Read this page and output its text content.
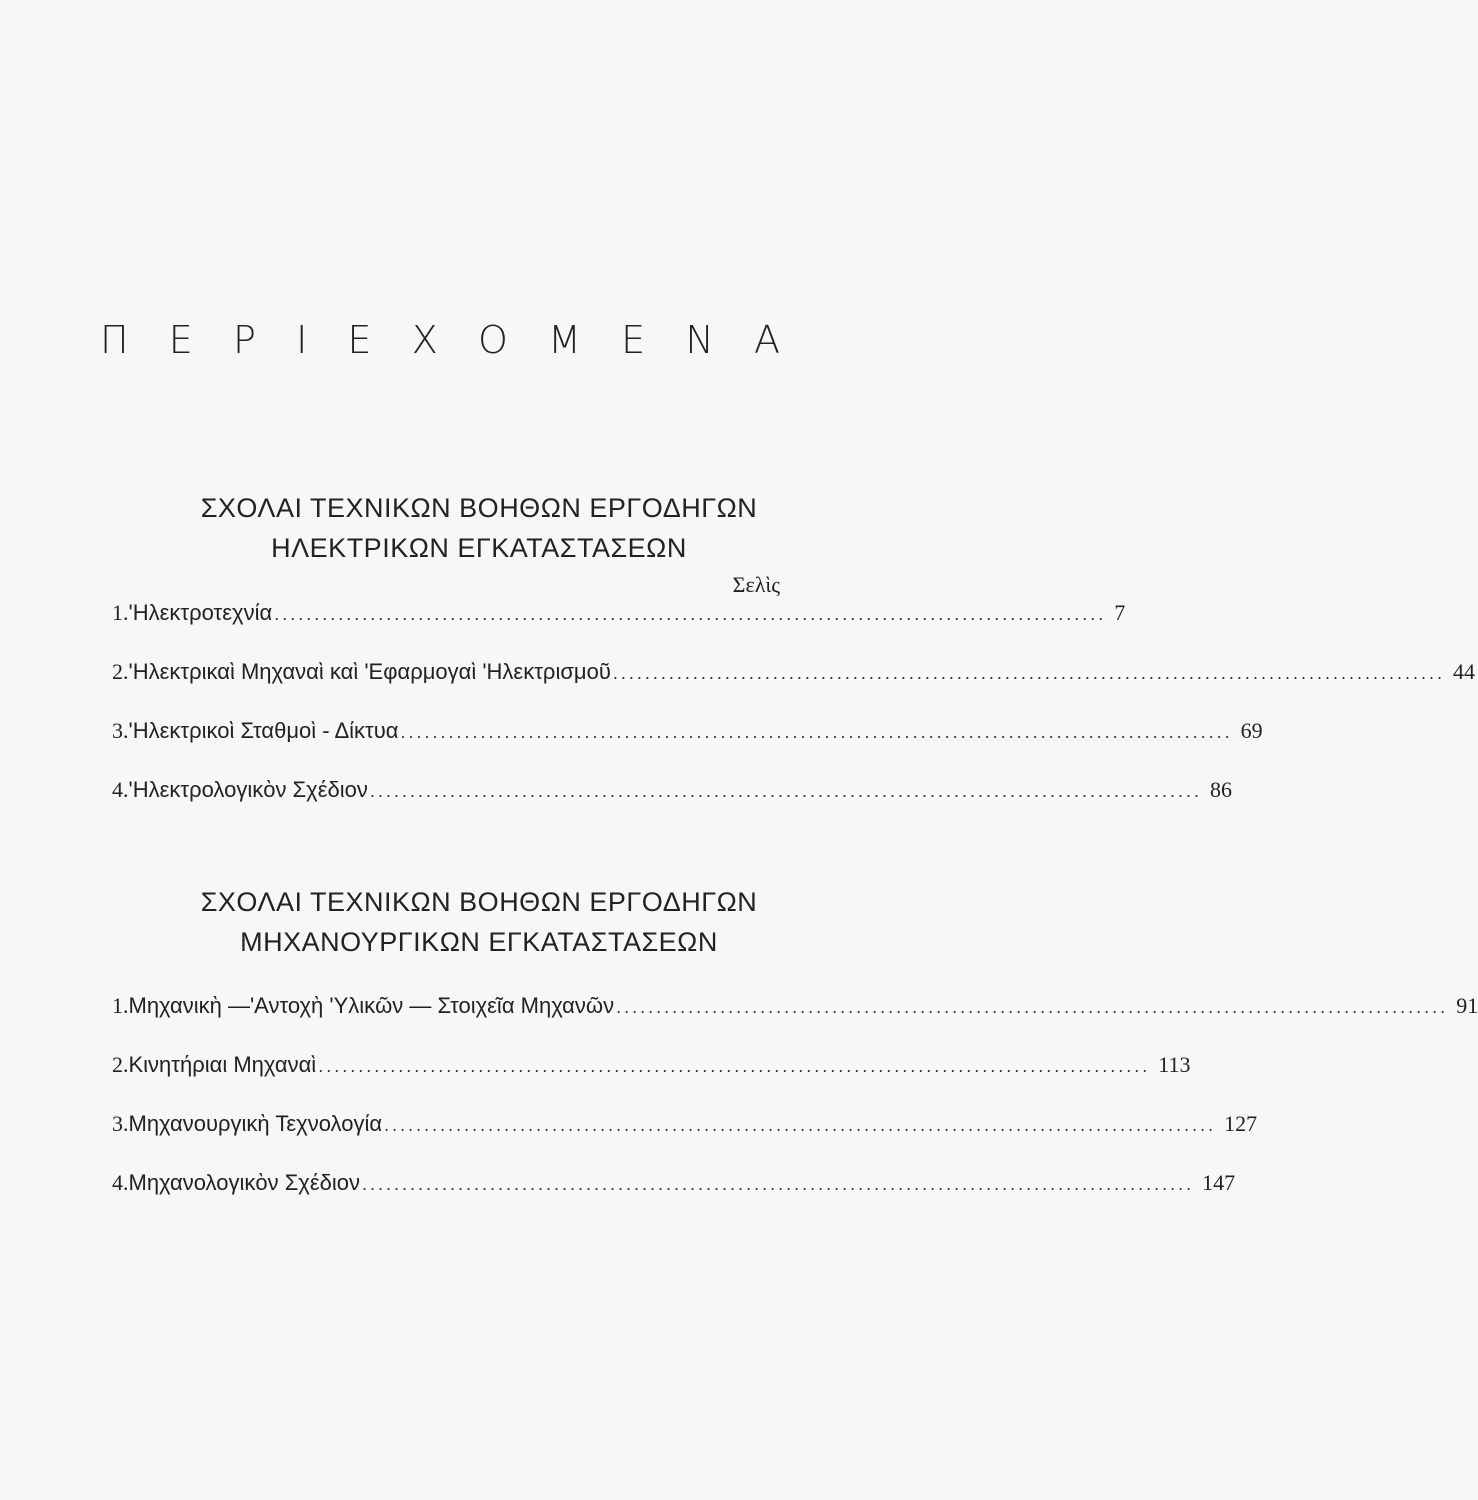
Π Ε Ρ Ι Ε Χ Ο Μ Ε Ν Α
ΣΧΟΛΑΙ ΤΕΧΝΙΚΩΝ ΒΟΗΘΩΝ ΕΡΓΟΔΗΓΩΝ
ΗΛΕΚΤΡΙΚΩΝ ΕΓΚΑΤΑΣΤΑΣΕΩΝ
Σελὶς
1. 'Ηλεκτροτεχνία ........................................................................................................ 7
2. 'Ηλεκτρικαὶ Μηχαναὶ καὶ 'Εφαρμογαὶ 'Ηλεκτρισμοῦ ........................................................................................................ 44
3. 'Ηλεκτρικοὶ Σταθμοὶ - Δίκτυα ........................................................................................................ 69
4. 'Ηλεκτρολογικὸν Σχέδιον ........................................................................................................ 86
ΣΧΟΛΑΙ ΤΕΧΝΙΚΩΝ ΒΟΗΘΩΝ ΕΡΓΟΔΗΓΩΝ
ΜΗΧΑΝΟΥΡΓΙΚΩΝ ΕΓΚΑΤΑΣΤΑΣΕΩΝ
1. Μηχανικὴ —'Αντοχὴ 'Υλικῶν — Στοιχεῖα Μηχανῶν ........................................................................................................ 91
2. Κινητήριαι Μηχαναὶ ........................................................................................................ 113
3. Μηχανουργικὴ Τεχνολογία ........................................................................................................ 127
4. Μηχανολογικὸν Σχέδιον ........................................................................................................ 147
